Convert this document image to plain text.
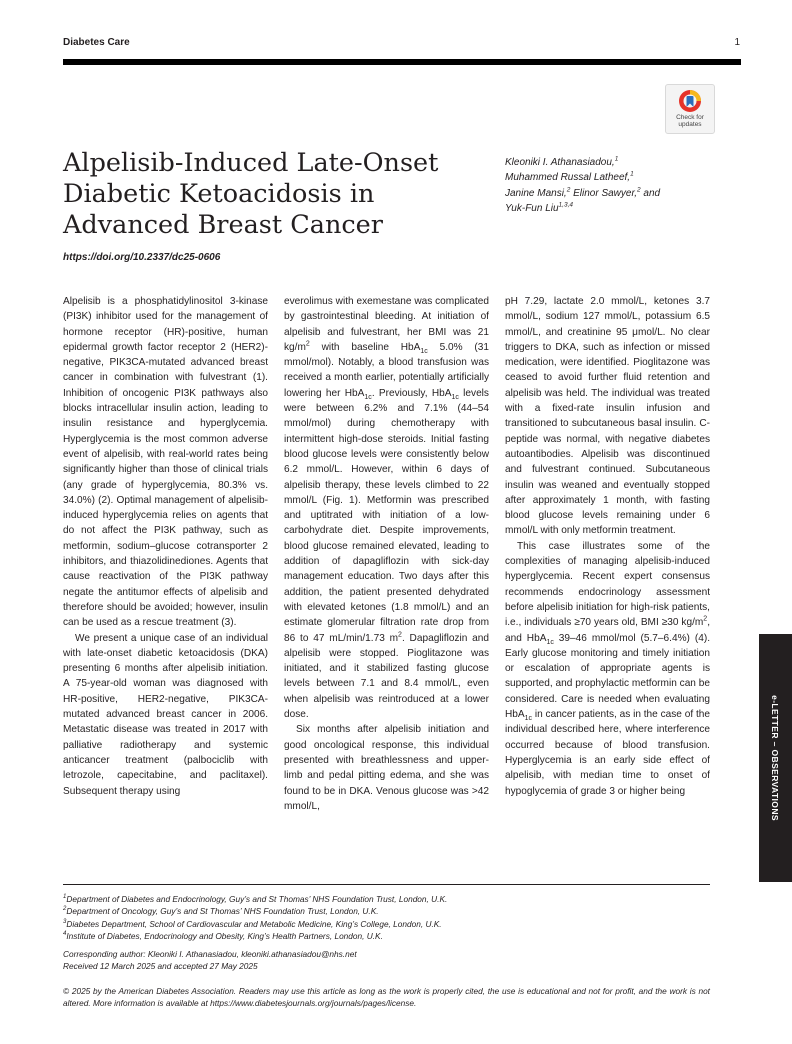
Diabetes Care	1
Check for
updates
Alpelisib-Induced Late-Onset
Diabetic Ketoacidosis in
Advanced Breast Cancer
https://doi.org/10.2337/dc25-0606
Kleoniki I. Athanasiadou,$^1$
Muhammed Russal Latheef,$^1$
Janine Mansi,$^2$ Elinor Sawyer,$^2$ and
Yuk-Fun Liu$^{1,3,4}$

Alpelisib is a phosphatidylinositol 3-kinase (PI3K) inhibitor used for the management of hormone receptor (HR)-positive, human epidermal growth factor receptor 2 (HER2)-negative, PIK3CA-mutated advanced breast cancer in combination with fulvestrant (1). Inhibition of oncogenic PI3K pathways also blocks intracellular insulin action, leading to insulin resistance and hyperglycemia. Hyperglycemia is the most common adverse event of alpelisib, with real-world rates being significantly higher than those of clinical trials (any grade of hyperglycemia, 80.3% vs. 34.0%) (2). Optimal management of alpelisib-induced hyperglycemia relies on agents that do not affect the PI3K pathway, such as metformin, sodium–glucose cotransporter 2 inhibitors, and thiazolidinediones. Agents that cause reactivation of the PI3K pathway negate the antitumor effects of alpelisib and therefore should be avoided; however, insulin can be used as a rescue treatment (3).

We present a unique case of an individual with late-onset diabetic ketoacidosis (DKA) presenting 6 months after alpelisib initiation. A 75-year-old woman was diagnosed with HR-positive, HER2-negative, PIK3CA-mutated advanced breast cancer in 2006. Metastatic disease was treated in 2017 with palliative radiotherapy and systemic anticancer treatment (palbociclib with letrozole, capecitabine, and paclitaxel). Subsequent therapy using

everolimus with exemestane was complicated by gastrointestinal bleeding. At initiation of alpelisib and fulvestrant, her BMI was 21 $kg/m^2$ with baseline HbA$_{1c}$ 5.0% (31 mmol/mol). Notably, a blood transfusion was received a month earlier, potentially artificially lowering her HbA$_{1c}$. Previously, HbA$_{1c}$ levels were between 6.2% and 7.1% (44–54 mmol/mol) during chemotherapy with intermittent high-dose steroids. Initial fasting blood glucose levels were consistently below 6.2 mmol/L. However, within 6 days of alpelisib therapy, these levels climbed to 22 mmol/L (Fig. 1). Metformin was prescribed and uptitrated with initiation of a low-carbohydrate diet. Despite improvements, blood glucose remained elevated, leading to addition of dapagliflozin with sick-day management education. Two days after this addition, the patient presented dehydrated with elevated ketones (1.8 mmol/L) and an estimate glomerular filtration rate drop from 86 to 47 mL/min/1.73 $m^2$. Dapagliflozin and alpelisib were stopped. Pioglitazone was initiated, and it stabilized fasting glucose levels between 7.1 and 8.4 mmol/L, even when alpelisib was reintroduced at a lower dose.

Six months after alpelisib initiation and good oncological response, this individual presented with breathlessness and upper-limb and pedal pitting edema, and she was found to be in DKA. Venous glucose was >42 mmol/L,

pH 7.29, lactate 2.0 mmol/L, ketones 3.7 mmol/L, sodium 127 mmol/L, potassium 6.5 mmol/L, and creatinine 95 μmol/L. No clear triggers to DKA, such as infection or missed medication, were identified. Pioglitazone was ceased to avoid further fluid retention and alpelisib was held. The individual was treated with a fixed-rate insulin infusion and transitioned to subcutaneous basal insulin. C-peptide was normal, with negative diabetes autoantibodies. Alpelisib was discontinued and fulvestrant continued. Subcutaneous insulin was weaned and eventually stopped after approximately 1 month, with fasting blood glucose levels remaining under 6 mmol/L with only metformin treatment.

This case illustrates some of the complexities of managing alpelisib-induced hyperglycemia. Recent expert consensus recommends endocrinology assessment before alpelisib initiation for high-risk patients, i.e., individuals ≥70 years old, BMI ≥30 $kg/m^2$, and HbA$_{1c}$ 39–46 mmol/mol (5.7–6.4%) (4). Early glucose monitoring and timely initiation or escalation of appropriate agents is supported, and prophylactic metformin can be considered. Care is needed when evaluating HbA$_{1c}$ in cancer patients, as in the case of the individual described here, where interference occurred because of blood transfusion. Hyperglycemia is an early side effect of alpelisib, with median time to onset of hypoglycemia of grade 3 or higher being	e-LETTER – OBSERVATIONS
$^1$Department of Diabetes and Endocrinology, Guy’s and St Thomas’ NHS Foundation Trust, London, U.K.
$^2$Department of Oncology, Guy’s and St Thomas’ NHS Foundation Trust, London, U.K.
$^3$Diabetes Department, School of Cardiovascular and Metabolic Medicine, King’s College, London, U.K.
$^4$Institute of Diabetes, Endocrinology and Obesity, King’s Health Partners, London, U.K.
Corresponding author: Kleoniki I. Athanasiadou, kleoniki.athanasiadou@nhs.net
Received 12 March 2025 and accepted 27 May 2025
© 2025 by the American Diabetes Association. Readers may use this article as long as the work is properly cited, the use is educational and not for profit, and the work is not altered. More information is available at https://www.diabetesjournals.org/journals/pages/license.
